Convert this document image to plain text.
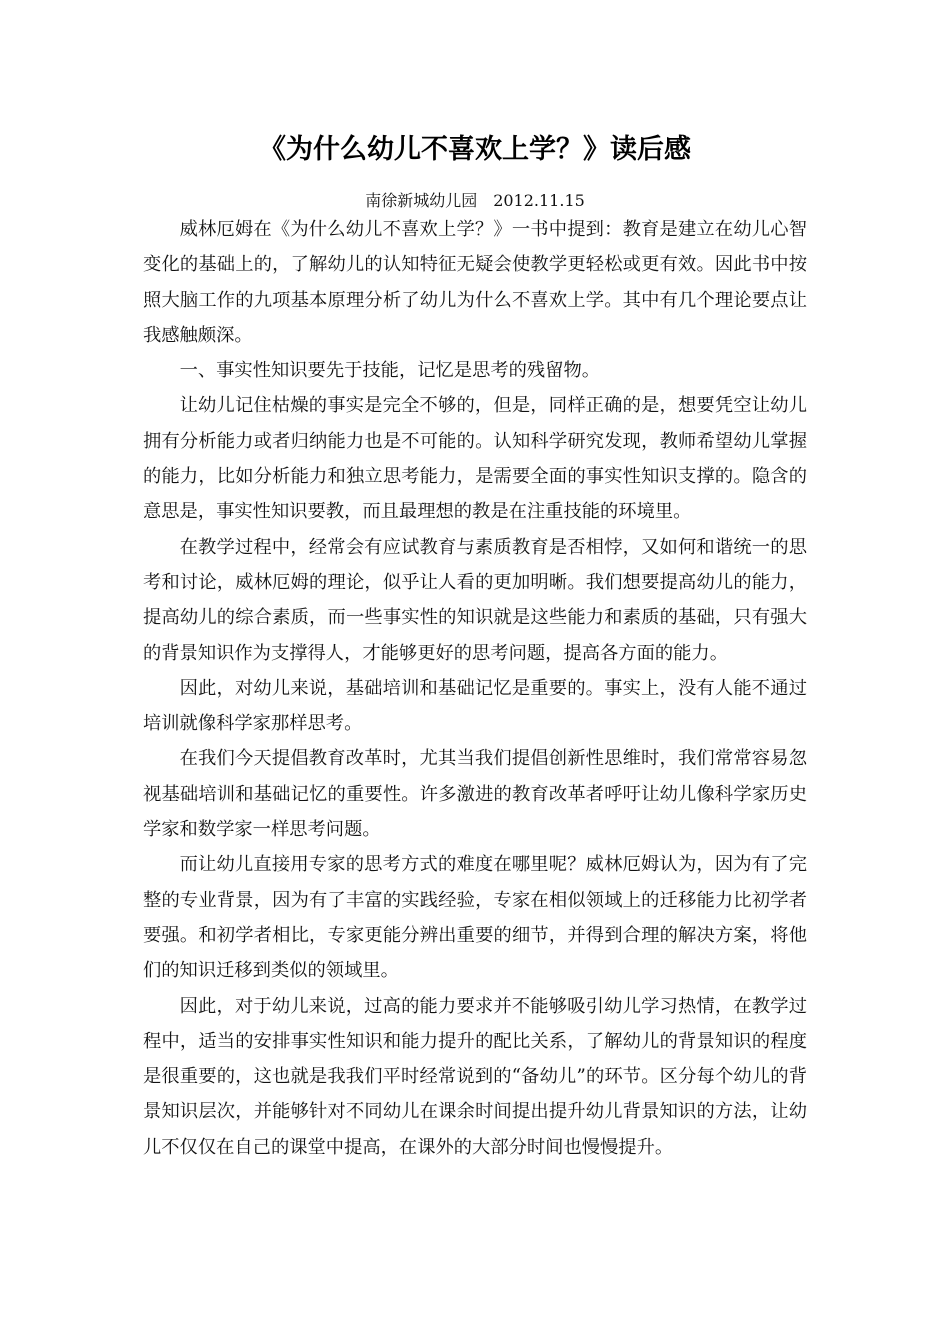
《为什么幼儿不喜欢上学？》读后感
南徐新城幼儿园　2012.11.15

威林厄姆在《为什么幼儿不喜欢上学？》一书中提到：教育是建立在幼儿心智变化的基础上的，了解幼儿的认知特征无疑会使教学更轻松或更有效。因此书中按照大脑工作的九项基本原理分析了幼儿为什么不喜欢上学。其中有几个理论要点让我感触颇深。

一、事实性知识要先于技能，记忆是思考的残留物。

让幼儿记住枯燥的事实是完全不够的，但是，同样正确的是，想要凭空让幼儿拥有分析能力或者归纳能力也是不可能的。认知科学研究发现，教师希望幼儿掌握的能力，比如分析能力和独立思考能力，是需要全面的事实性知识支撑的。隐含的意思是，事实性知识要教，而且最理想的教是在注重技能的环境里。

在教学过程中，经常会有应试教育与素质教育是否相悖，又如何和谐统一的思考和讨论，威林厄姆的理论，似乎让人看的更加明晰。我们想要提高幼儿的能力，提高幼儿的综合素质，而一些事实性的知识就是这些能力和素质的基础，只有强大的背景知识作为支撑得人，才能够更好的思考问题，提高各方面的能力。

因此，对幼儿来说，基础培训和基础记忆是重要的。事实上，没有人能不通过培训就像科学家那样思考。

在我们今天提倡教育改革时，尤其当我们提倡创新性思维时，我们常常容易忽视基础培训和基础记忆的重要性。许多激进的教育改革者呼吁让幼儿像科学家历史学家和数学家一样思考问题。

而让幼儿直接用专家的思考方式的难度在哪里呢？威林厄姆认为，因为有了完整的专业背景，因为有了丰富的实践经验，专家在相似领域上的迁移能力比初学者要强。和初学者相比，专家更能分辨出重要的细节，并得到合理的解决方案，将他们的知识迁移到类似的领域里。

因此，对于幼儿来说，过高的能力要求并不能够吸引幼儿学习热情，在教学过程中，适当的安排事实性知识和能力提升的配比关系，了解幼儿的背景知识的程度是很重要的，这也就是我我们平时经常说到的“备幼儿”的环节。区分每个幼儿的背景知识层次，并能够针对不同幼儿在课余时间提出提升幼儿背景知识的方法，让幼儿不仅仅在自己的课堂中提高，在课外的大部分时间也慢慢提升。
